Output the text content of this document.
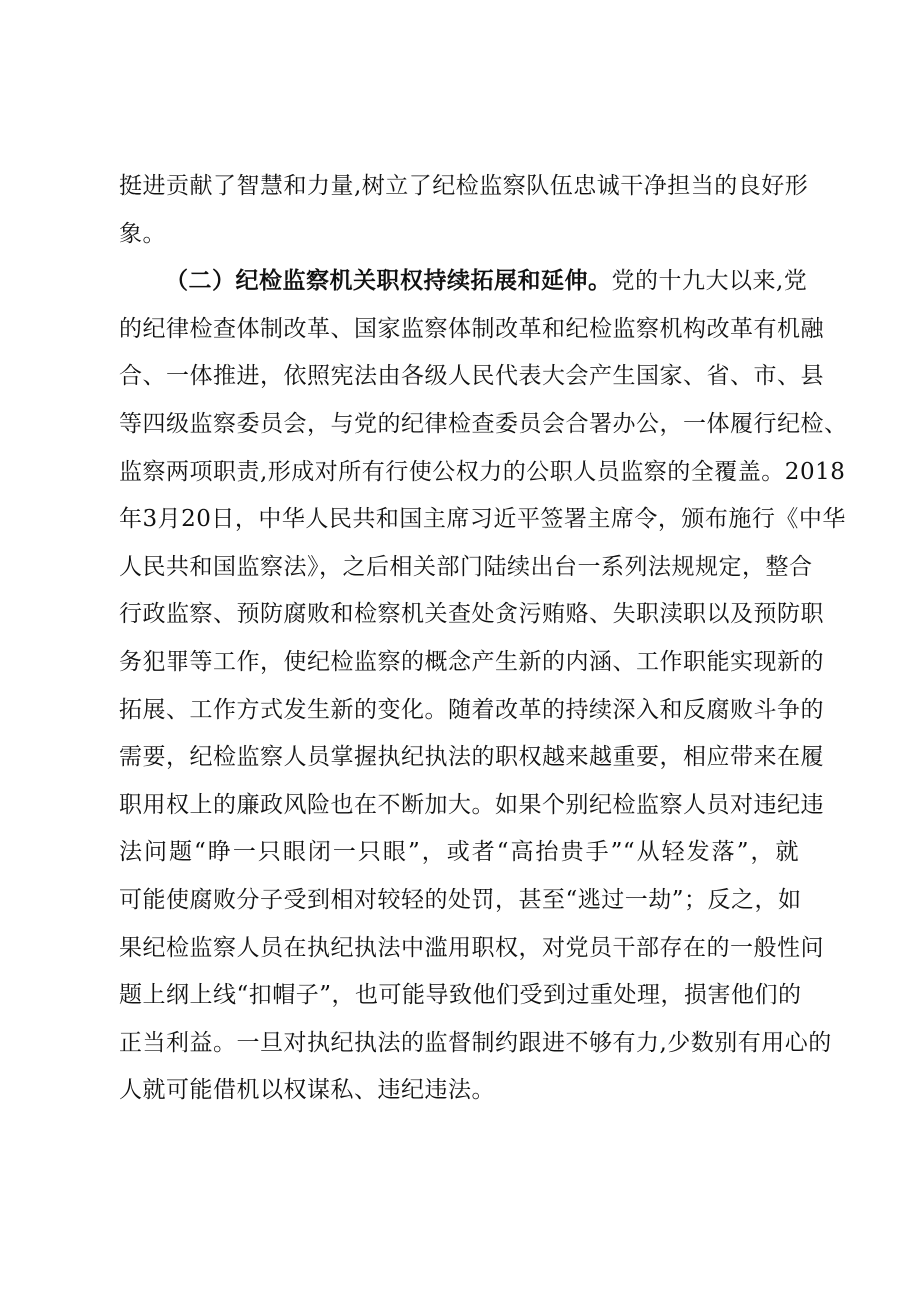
挺进贡献了智慧和力量,树立了纪检监察队伍忠诚干净担当的良好形
象。
（二）纪检监察机关职权持续拓展和延伸。党的十九大以来,党
的纪律检查体制改革、国家监察体制改革和纪检监察机构改革有机融
合、一体推进，依照宪法由各级人民代表大会产生国家、省、市、县
等四级监察委员会，与党的纪律检查委员会合署办公，一体履行纪检、
监察两项职责,形成对所有行使公权力的公职人员监察的全覆盖。2018
年3月20日，中华人民共和国主席习近平签署主席令，颁布施行《中华
人民共和国监察法》，之后相关部门陆续出台一系列法规规定，整合
行政监察、预防腐败和检察机关查处贪污贿赂、失职渎职以及预防职
务犯罪等工作，使纪检监察的概念产生新的内涵、工作职能实现新的
拓展、工作方式发生新的变化。随着改革的持续深入和反腐败斗争的
需要，纪检监察人员掌握执纪执法的职权越来越重要，相应带来在履
职用权上的廉政风险也在不断加大。如果个别纪检监察人员对违纪违
法问题“睁一只眼闭一只眼”，或者“高抬贵手”“从轻发落”，就
可能使腐败分子受到相对较轻的处罚，甚至“逃过一劫”；反之，如
果纪检监察人员在执纪执法中滥用职权，对党员干部存在的一般性问
题上纲上线“扣帽子”，也可能导致他们受到过重处理，损害他们的
正当利益。一旦对执纪执法的监督制约跟进不够有力,少数别有用心的
人就可能借机以权谋私、违纪违法。
